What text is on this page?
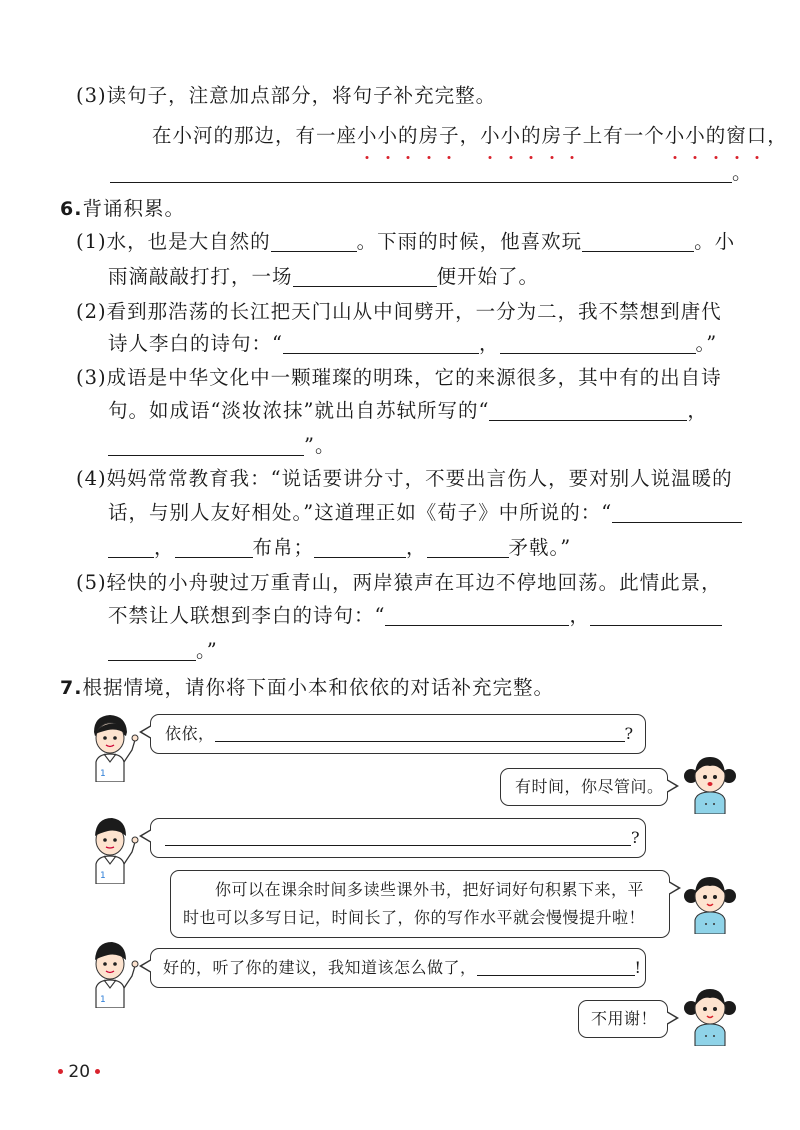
(3)读句子，注意加点部分，将句子补充完整。
在小河的那边，有一座小小的房子，小小的房子上有一个小小的窗口，
。
6.背诵积累。
(1)水，也是大自然的	。下雨的时候，他喜欢玩	。小
雨滴敲敲打打，一场	便开始了。
(2)看到那浩荡的长江把天门山从中间劈开，一分为二，我不禁想到唐代
诗人李白的诗句：“	，	。”
(3)成语是中华文化中一颗璀璨的明珠，它的来源很多，其中有的出自诗
句。如成语“淡妆浓抹”就出自苏轼所写的“	，
”。
(4)妈妈常常教育我：“说话要讲分寸，不要出言伤人，要对别人说温暖的
话，与别人友好相处。”这道理正如《荀子》中所说的：“
，	布帛；	，	矛戟。”
(5)轻快的小舟驶过万重青山，两岸猿声在耳边不停地回荡。此情此景，
不禁让人联想到李白的诗句：“	，
。”
7.根据情境，请你将下面小本和依依的对话补充完整。
1
1
1
依依，	?
有时间，你尽管问。
?
你可以在课余时间多读些课外书，把好词好句积累下来，平
时也可以多写日记，时间长了，你的写作水平就会慢慢提升啦！
好的，听了你的建议，我知道该怎么做了，	!
不用谢！
20
